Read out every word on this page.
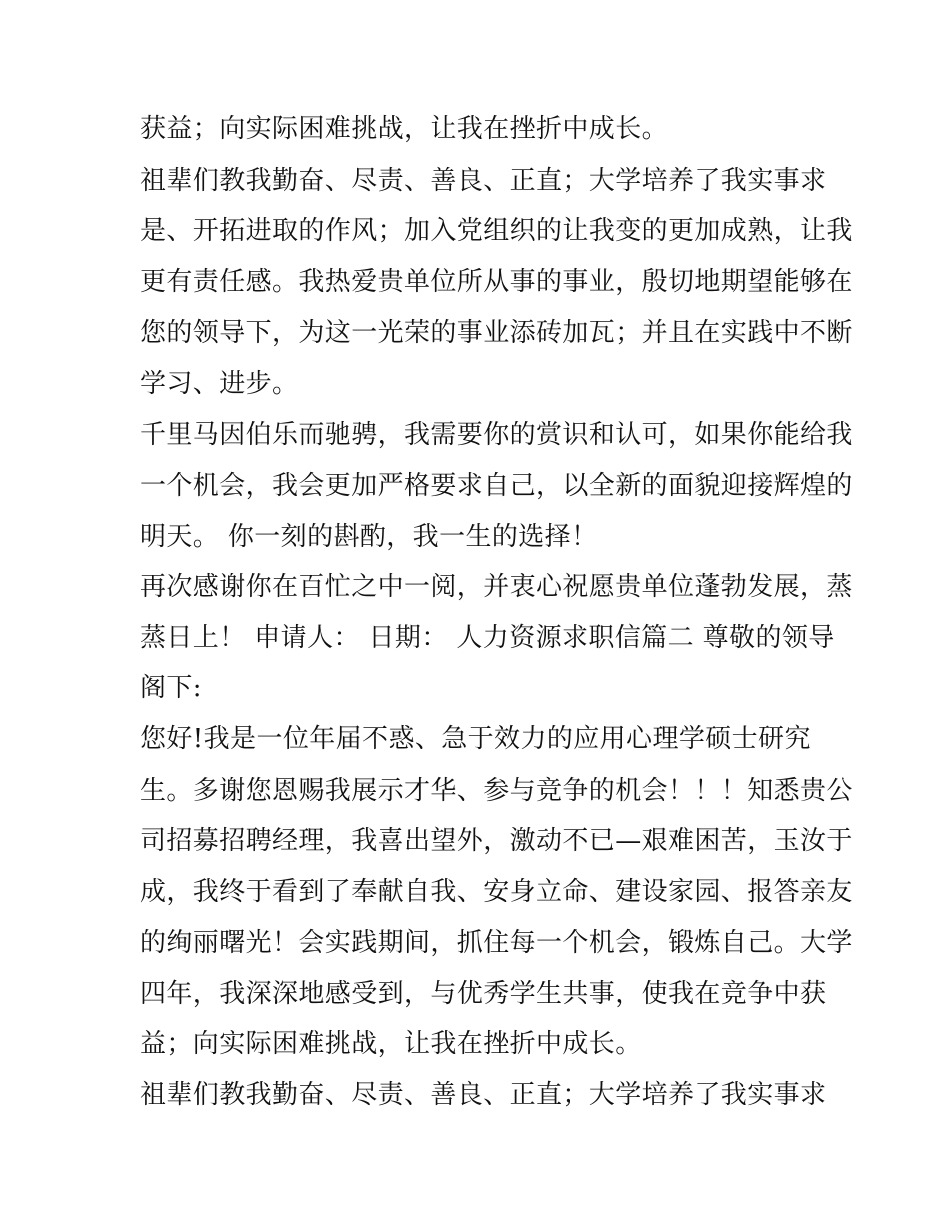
获益；向实际困难挑战，让我在挫折中成长。
祖辈们教我勤奋、尽责、善良、正直；大学培养了我实事求
是、开拓进取的作风；加入党组织的让我变的更加成熟，让我
更有责任感。我热爱贵单位所从事的事业，殷切地期望能够在
您的领导下，为这一光荣的事业添砖加瓦；并且在实践中不断
学习、进步。
千里马因伯乐而驰骋，我需要你的赏识和认可，如果你能给我
一个机会，我会更加严格要求自己，以全新的面貌迎接辉煌的
明天。 你一刻的斟酌，我一生的选择！
再次感谢你在百忙之中一阅，并衷心祝愿贵单位蓬勃发展，蒸
蒸日上！ 申请人： 日期： 人力资源求职信篇二 尊敬的领导
阁下:
您好!我是一位年届不惑、急于效力的应用心理学硕士研究
生。多谢您恩赐我展示才华、参与竞争的机会！！！知悉贵公
司招募招聘经理，我喜出望外，激动不已—艰难困苦，玉汝于
成，我终于看到了奉献自我、安身立命、建设家园、报答亲友
的绚丽曙光！会实践期间，抓住每一个机会，锻炼自己。大学
四年，我深深地感受到，与优秀学生共事，使我在竞争中获
益；向实际困难挑战，让我在挫折中成长。
祖辈们教我勤奋、尽责、善良、正直；大学培养了我实事求
